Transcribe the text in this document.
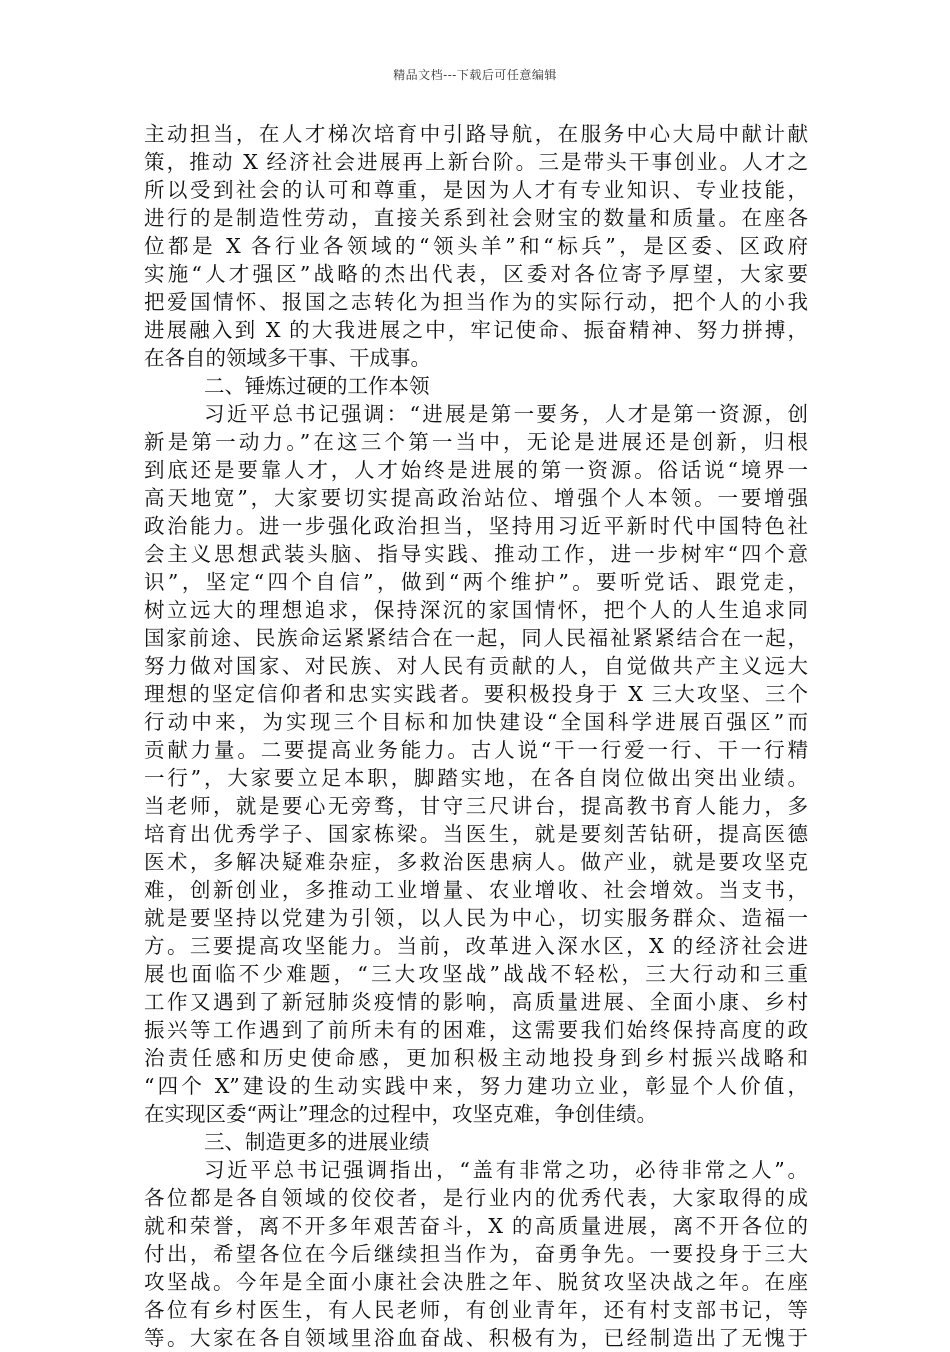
精品文档---下载后可任意编辑
主动担当，在人才梯次培育中引路导航，在服务中心大局中献计献
策，推动 X 经济社会进展再上新台阶。三是带头干事创业。人才之
所以受到社会的认可和尊重，是因为人才有专业知识、专业技能，
进行的是制造性劳动，直接关系到社会财宝的数量和质量。在座各
位都是 X 各行业各领域的“领头羊”和“标兵”，是区委、区政府
实施“人才强区”战略的杰出代表，区委对各位寄予厚望，大家要
把爱国情怀、报国之志转化为担当作为的实际行动，把个人的小我
进展融入到 X 的大我进展之中，牢记使命、振奋精神、努力拼搏，
在各自的领域多干事、干成事。
二、锤炼过硬的工作本领
习近平总书记强调：“进展是第一要务，人才是第一资源，创
新是第一动力。”在这三个第一当中，无论是进展还是创新，归根
到底还是要靠人才，人才始终是进展的第一资源。俗话说“境界一
高天地宽”，大家要切实提高政治站位、增强个人本领。一要增强
政治能力。进一步强化政治担当，坚持用习近平新时代中国特色社
会主义思想武装头脑、指导实践、推动工作，进一步树牢“四个意
识”，坚定“四个自信”，做到“两个维护”。要听党话、跟党走，
树立远大的理想追求，保持深沉的家国情怀，把个人的人生追求同
国家前途、民族命运紧紧结合在一起，同人民福祉紧紧结合在一起，
努力做对国家、对民族、对人民有贡献的人，自觉做共产主义远大
理想的坚定信仰者和忠实实践者。要积极投身于 X 三大攻坚、三个
行动中来，为实现三个目标和加快建设“全国科学进展百强区”而
贡献力量。二要提高业务能力。古人说“干一行爱一行、干一行精
一行”，大家要立足本职，脚踏实地，在各自岗位做出突出业绩。
当老师，就是要心无旁骛，甘守三尺讲台，提高教书育人能力，多
培育出优秀学子、国家栋梁。当医生，就是要刻苦钻研，提高医德
医术，多解决疑难杂症，多救治医患病人。做产业，就是要攻坚克
难，创新创业，多推动工业增量、农业增收、社会增效。当支书，
就是要坚持以党建为引领，以人民为中心，切实服务群众、造福一
方。三要提高攻坚能力。当前，改革进入深水区，X 的经济社会进
展也面临不少难题，“三大攻坚战”战战不轻松，三大行动和三重
工作又遇到了新冠肺炎疫情的影响，高质量进展、全面小康、乡村
振兴等工作遇到了前所未有的困难，这需要我们始终保持高度的政
治责任感和历史使命感，更加积极主动地投身到乡村振兴战略和
“四个 X”建设的生动实践中来，努力建功立业，彰显个人价值，
在实现区委“两让”理念的过程中，攻坚克难，争创佳绩。
三、制造更多的进展业绩
习近平总书记强调指出，“盖有非常之功，必待非常之人”。
各位都是各自领域的佼佼者，是行业内的优秀代表，大家取得的成
就和荣誉，离不开多年艰苦奋斗，X 的高质量进展，离不开各位的
付出，希望各位在今后继续担当作为，奋勇争先。一要投身于三大
攻坚战。今年是全面小康社会决胜之年、脱贫攻坚决战之年。在座
各位有乡村医生，有人民老师，有创业青年，还有村支部书记，等
等。大家在各自领域里浴血奋战、积极有为，已经制造出了无愧于
